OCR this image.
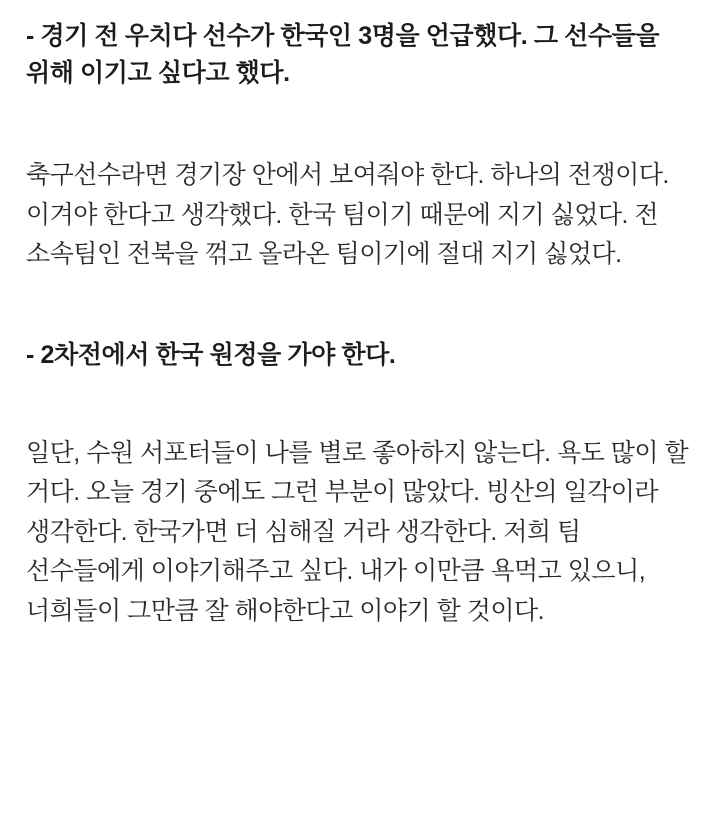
- 경기 전 우치다 선수가 한국인 3명을 언급했다. 그 선수들을 위해 이기고 싶다고 했다.

축구선수라면 경기장 안에서 보여줘야 한다. 하나의 전쟁이다. 이겨야 한다고 생각했다. 한국 팀이기 때문에 지기 싫었다. 전 소속팀인 전북을 꺾고 올라온 팀이기에 절대 지기 싫었다.

- 2차전에서 한국 원정을 가야 한다.

일단, 수원 서포터들이 나를 별로 좋아하지 않는다. 욕도 많이 할 거다. 오늘 경기 중에도 그런 부분이 많았다. 빙산의 일각이라 생각한다. 한국가면 더 심해질 거라 생각한다. 저희 팀 선수들에게 이야기해주고 싶다. 내가 이만큼 욕먹고 있으니, 너희들이 그만큼 잘 해야한다고 이야기 할 것이다.
